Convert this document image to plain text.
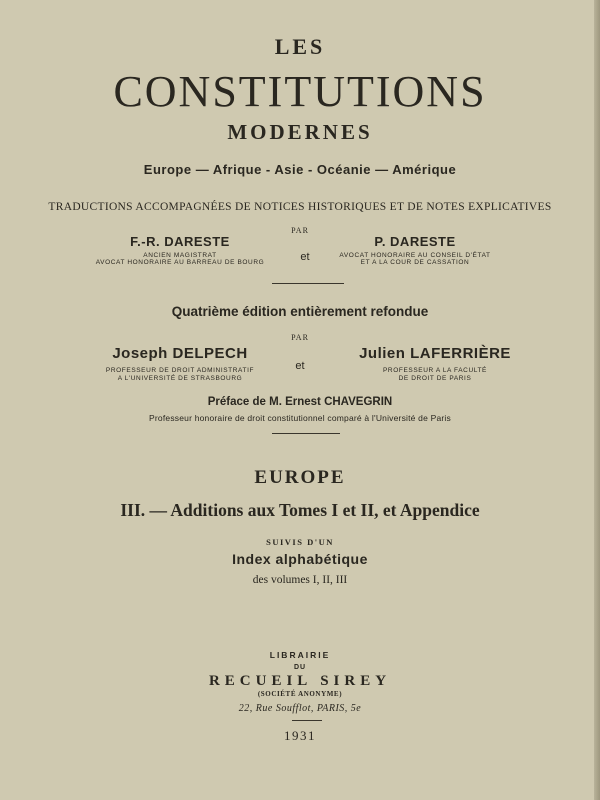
LES
CONSTITUTIONS
MODERNES
Europe — Afrique - Asie - Océanie — Amérique
TRADUCTIONS ACCOMPAGNÉES DE NOTICES HISTORIQUES ET DE NOTES EXPLICATIVES
PAR
F.-R. DARESTE
ANCIEN MAGISTRAT
AVOCAT HONORAIRE AU BARREAU DE BOURG	et
P. DARESTE
AVOCAT HONORAIRE AU CONSEIL D'ÉTAT
ET A LA COUR DE CASSATION
Quatrième édition entièrement refondue
PAR
Joseph DELPECH
PROFESSEUR DE DROIT ADMINISTRATIF
A L'UNIVERSITÉ DE STRASBOURG
et
Julien LAFERRIÈRE
PROFESSEUR A LA FACULTÉ
DE DROIT DE PARIS
Préface de M. Ernest CHAVEGRIN
Professeur honoraire de droit constitutionnel comparé à l'Université de Paris
EUROPE
III. — Additions aux Tomes I et II, et Appendice
SUIVIS D'UN
Index alphabétique
des volumes I, II, III
LIBRAIRIE
DU
RECUEIL SIREY
(SOCIÉTÉ ANONYME)
22, Rue Soufflot, PARIS, 5e
1931
